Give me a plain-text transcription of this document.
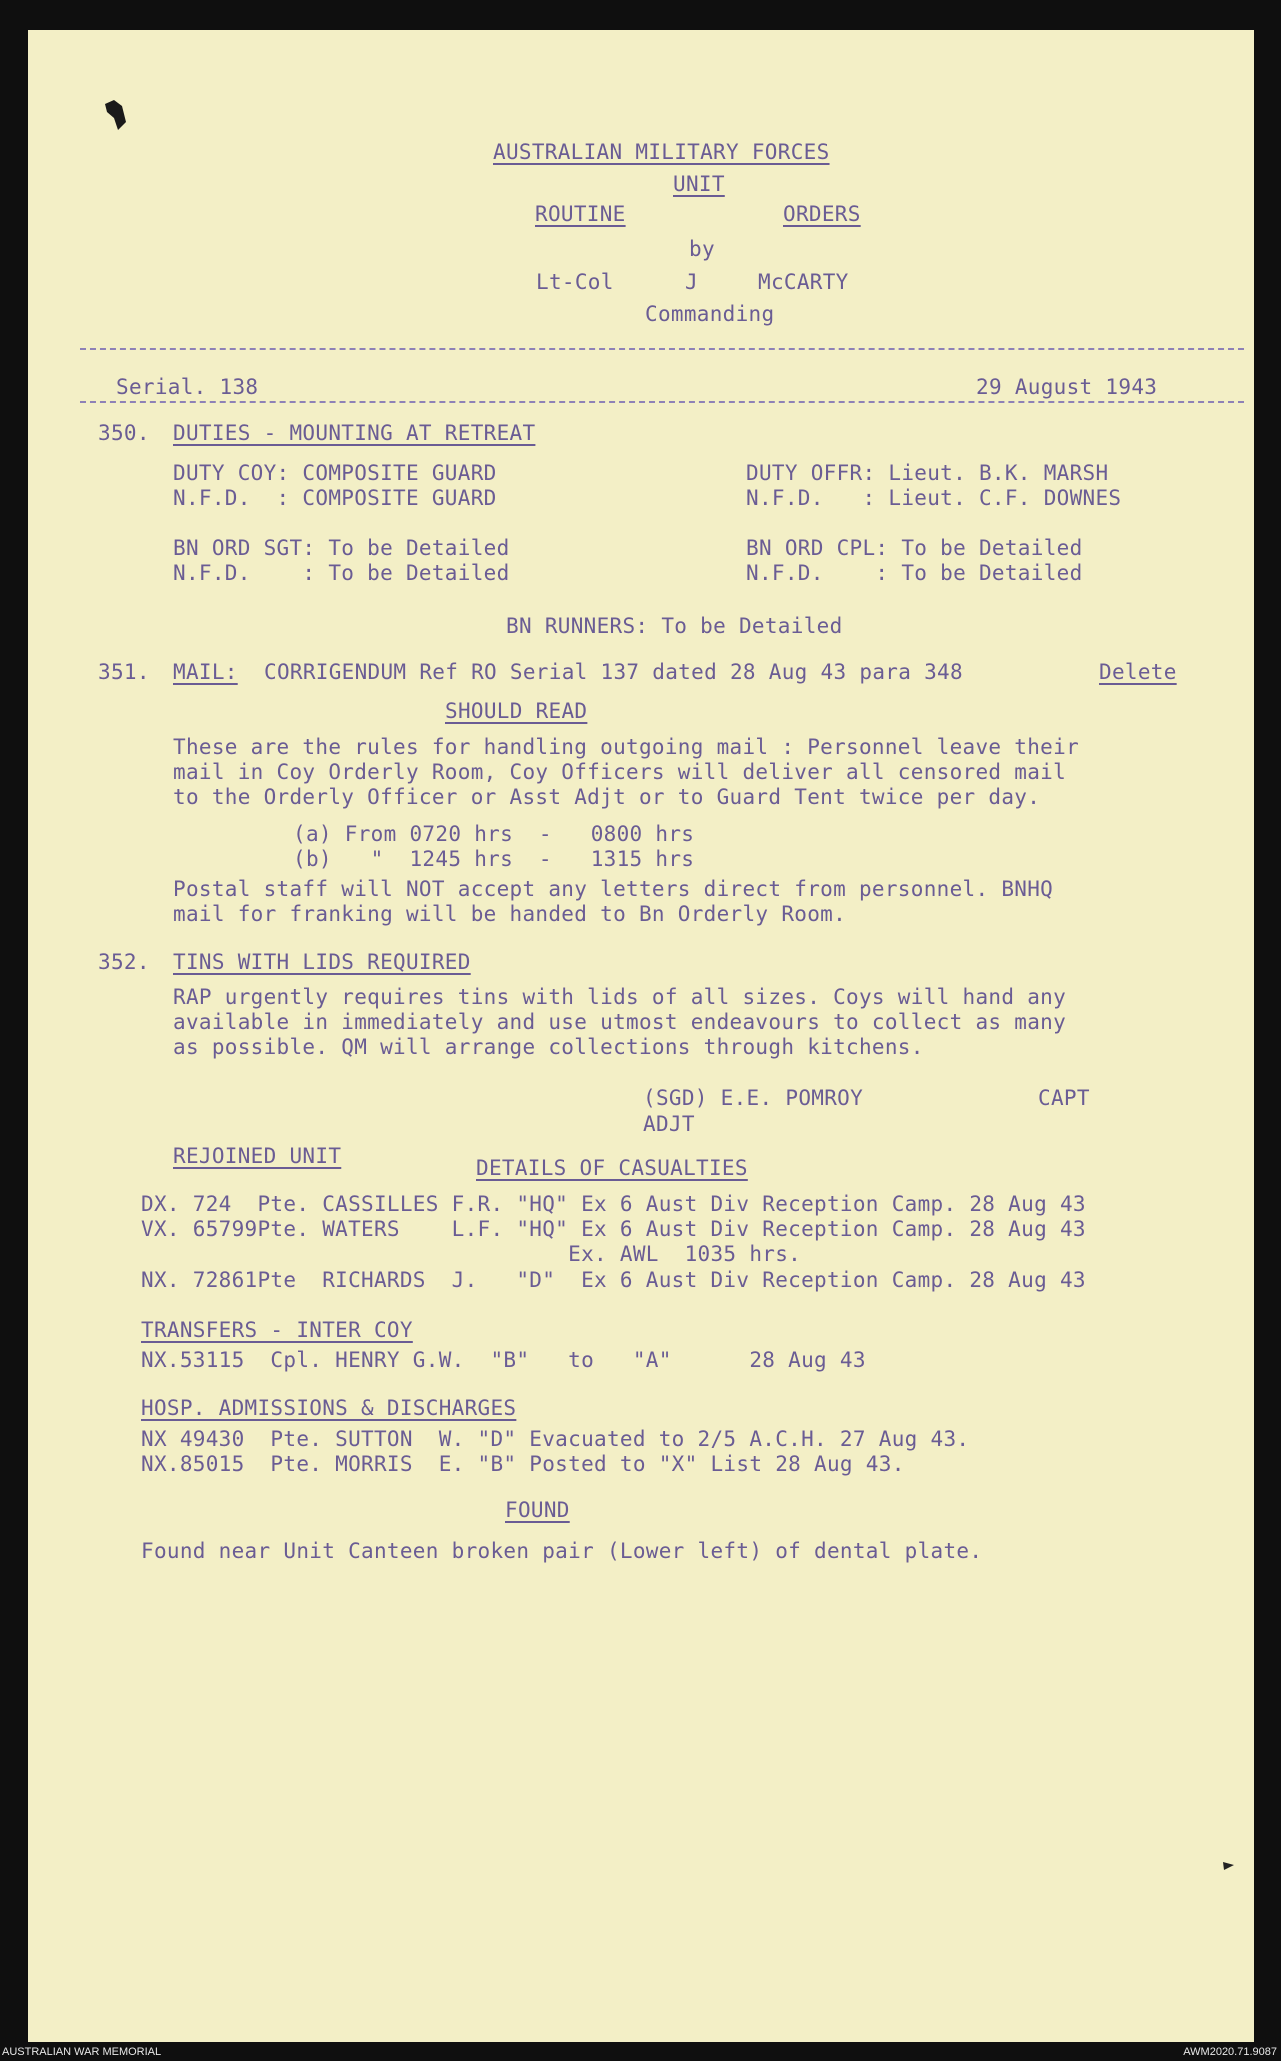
AUSTRALIAN MILITARY FORCES
UNIT
ROUTINE	ORDERS
by
Lt-Col	J	McCARTY
Commanding
Serial. 138	29 August 1943
350. DUTIES - MOUNTING AT RETREAT
DUTY COY: COMPOSITE GUARD
N.F.D.  : COMPOSITE GUARD
DUTY OFFR: Lieut. B.K. MARSH
N.F.D.   : Lieut. C.F. DOWNES
BN ORD SGT: To be Detailed
N.F.D.    : To be Detailed
BN ORD CPL: To be Detailed
N.F.D.    : To be Detailed
BN RUNNERS: To be Detailed
351. MAIL: CORRIGENDUM Ref RO Serial 137 dated 28 Aug 43 para 348	Delete
SHOULD READ
These are the rules for handling outgoing mail : Personnel leave their
mail in Coy Orderly Room, Coy Officers will deliver all censored mail
to the Orderly Officer or Asst Adjt or to Guard Tent twice per day.
(a) From 0720 hrs  -   0800 hrs
(b)   "  1245 hrs  -   1315 hrs
Postal staff will NOT accept any letters direct from personnel. BNHQ
mail for franking will be handed to Bn Orderly Room.
352. TINS WITH LIDS REQUIRED
RAP urgently requires tins with lids of all sizes. Coys will hand any
available in immediately and use utmost endeavours to collect as many
as possible. QM will arrange collections through kitchens.
(SGD) E.E. POMROY	CAPT
ADJT
REJOINED UNIT	DETAILS OF CASUALTIES
DX. 724  Pte. CASSILLES F.R. "HQ" Ex 6 Aust Div Reception Camp. 28 Aug 43
VX. 65799Pte. WATERS    L.F. "HQ" Ex 6 Aust Div Reception Camp. 28 Aug 43
Ex. AWL  1035 hrs.
NX. 72861Pte  RICHARDS  J.   "D"  Ex 6 Aust Div Reception Camp. 28 Aug 43
TRANSFERS - INTER COY
NX.53115  Cpl. HENRY G.W.  "B"   to   "A"      28 Aug 43
HOSP. ADMISSIONS & DISCHARGES
NX 49430  Pte. SUTTON  W. "D" Evacuated to 2/5 A.C.H. 27 Aug 43.
NX.85015  Pte. MORRIS  E. "B" Posted to "X" List 28 Aug 43.
FOUND
Found near Unit Canteen broken pair (Lower left) of dental plate.
AUSTRALIAN WAR MEMORIAL	AWM2020.71.9087
